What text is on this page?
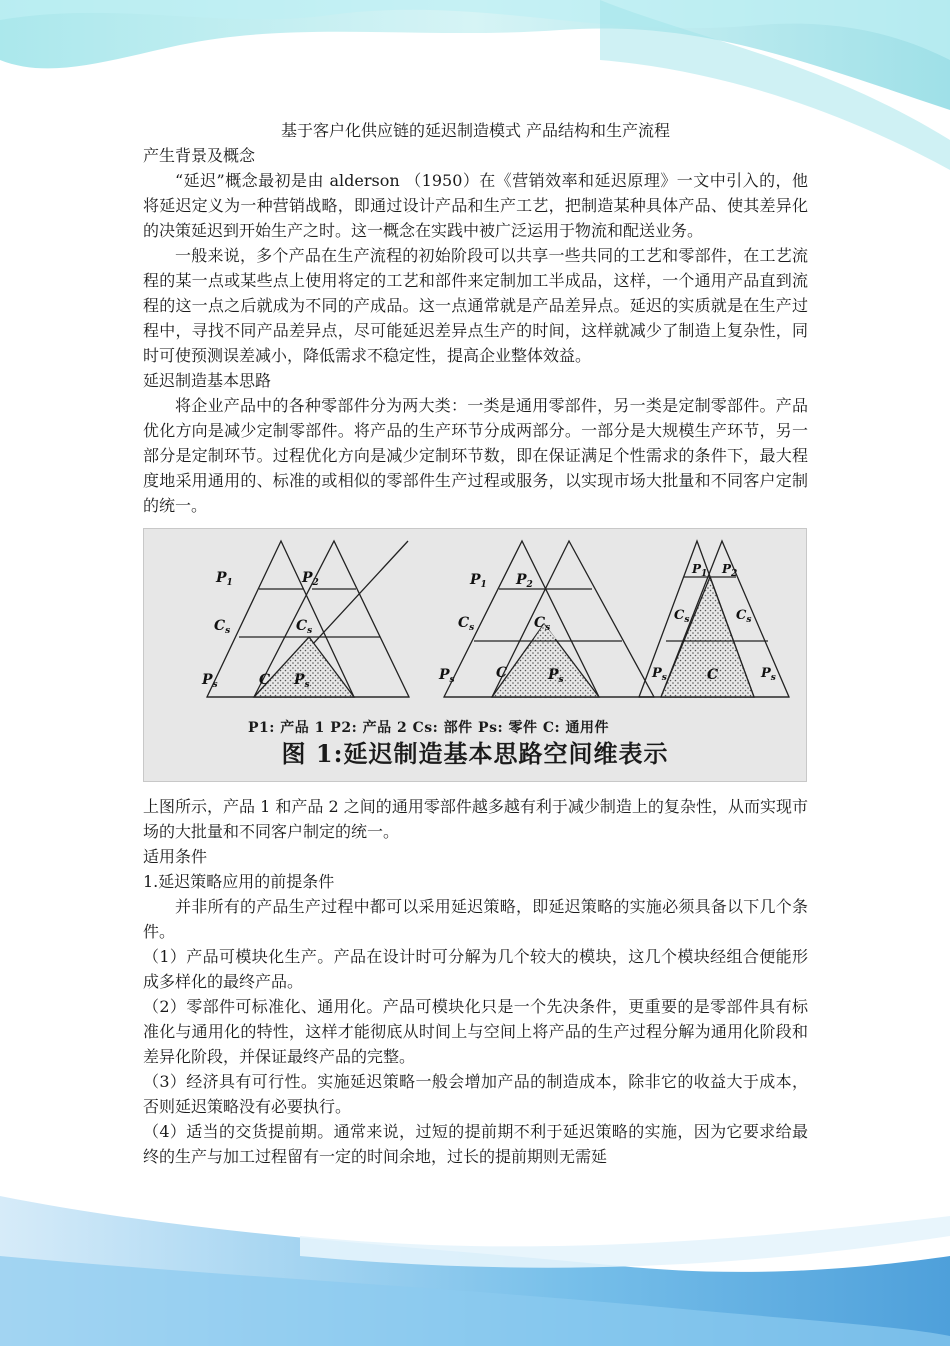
基于客户化供应链的延迟制造模式 产品结构和生产流程
产生背景及概念

“延迟”概念最初是由 alderson （1950）在《营销效率和延迟原理》一文中引入的，他将延迟定义为一种营销战略，即通过设计产品和生产工艺，把制造某种具体产品、使其差异化的决策延迟到开始生产之时。这一概念在实践中被广泛运用于物流和配送业务。

一般来说，多个产品在生产流程的初始阶段可以共享一些共同的工艺和零部件，在工艺流程的某一点或某些点上使用将定的工艺和部件来定制加工半成品，这样，一个通用产品直到流程的这一点之后就成为不同的产成品。这一点通常就是产品差异点。延迟的实质就是在生产过程中，寻找不同产品差异点，尽可能延迟差异点生产的时间，这样就减少了制造上复杂性，同时可使预测误差减小，降低需求不稳定性，提高企业整体效益。

延迟制造基本思路

将企业产品中的各种零部件分为两大类：一类是通用零部件，另一类是定制零部件。产品优化方向是减少定制零部件。将产品的生产环节分成两部分。一部分是大规模生产环节，另一部分是定制环节。过程优化方向是减少定制环节数，即在保证满足个性需求的条件下，最大程度地采用通用的、标准的或相似的零部件生产过程或服务，以实现市场大批量和不同客户定制的统一。

$P_1$	$P_2$
$C_s$	$C_s$
$P_s$	C $P_s$
$P_1$ $P_2$
$C_s$	$C_s$
$P_s$	C	$P_s$
$P_1$ $P_2$
$C_s$	$C_s$
$P_s$	C	$P_s$
P1: 产品 1 P2: 产品 2 Cs: 部件 Ps: 零件 C: 通用件
图 1:延迟制造基本思路空间维表示

上图所示，产品 1 和产品 2 之间的通用零部件越多越有利于减少制造上的复杂性，从而实现市场的大批量和不同客户制定的统一。

适用条件
1.延迟策略应用的前提条件

并非所有的产品生产过程中都可以采用延迟策略，即延迟策略的实施必须具备以下几个条件。

（1）产品可模块化生产。产品在设计时可分解为几个较大的模块，这几个模块经组合便能形成多样化的最终产品。

（2）零部件可标准化、通用化。产品可模块化只是一个先决条件，更重要的是零部件具有标准化与通用化的特性，这样才能彻底从时间上与空间上将产品的生产过程分解为通用化阶段和差异化阶段，并保证最终产品的完整。

（3）经济具有可行性。实施延迟策略一般会增加产品的制造成本，除非它的收益大于成本，否则延迟策略没有必要执行。

（4）适当的交货提前期。通常来说，过短的提前期不利于延迟策略的实施，因为它要求给最终的生产与加工过程留有一定的时间余地，过长的提前期则无需延
